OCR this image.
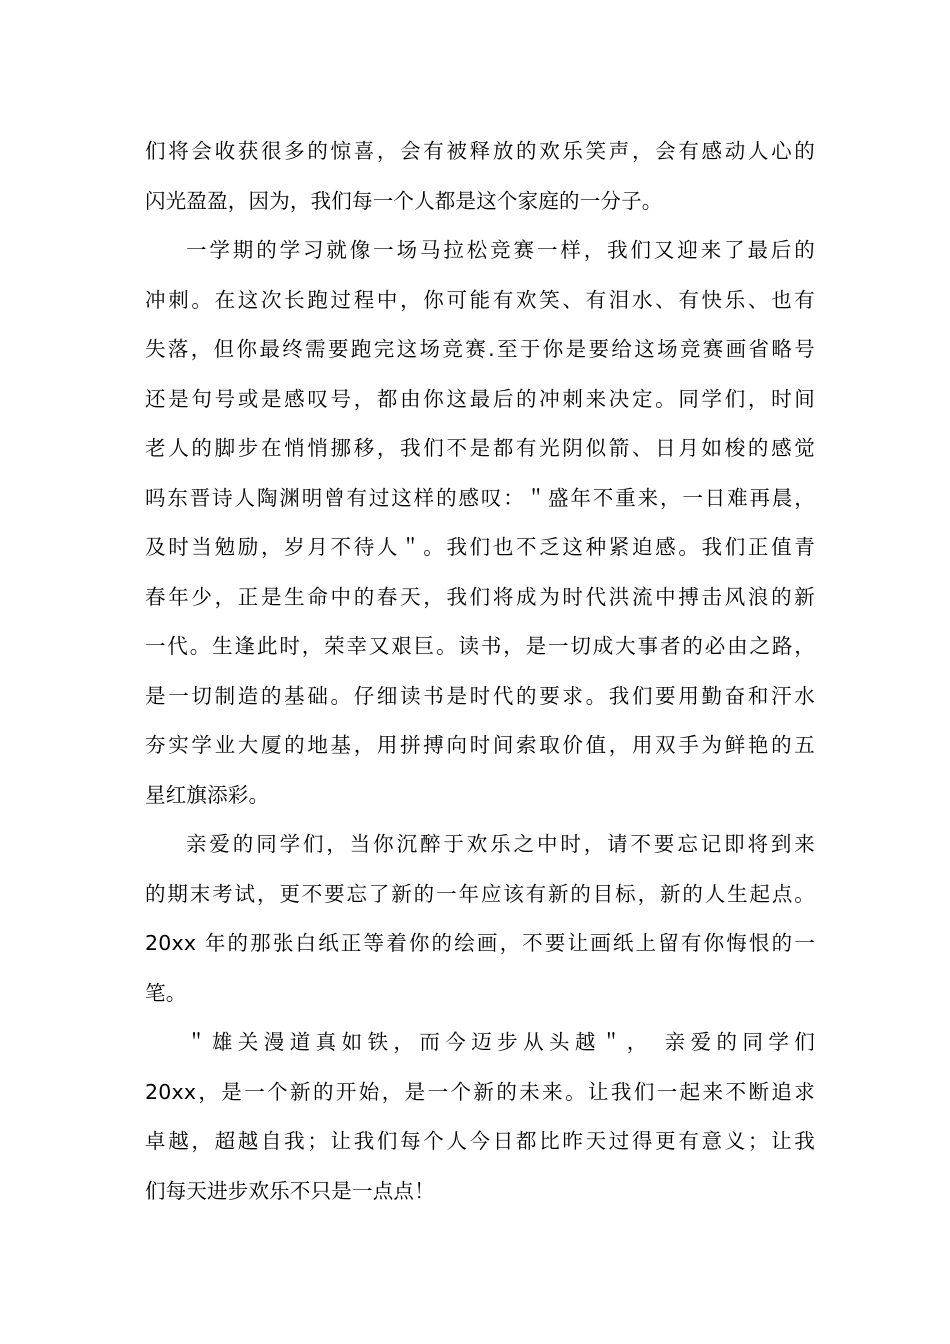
们将会收获很多的惊喜，会有被释放的欢乐笑声，会有感动人心的
闪光盈盈，因为，我们每一个人都是这个家庭的一分子。
一学期的学习就像一场马拉松竞赛一样，我们又迎来了最后的
冲刺。在这次长跑过程中，你可能有欢笑、有泪水、有快乐、也有
失落，但你最终需要跑完这场竞赛.至于你是要给这场竞赛画省略号
还是句号或是感叹号，都由你这最后的冲刺来决定。同学们，时间
老人的脚步在悄悄挪移，我们不是都有光阴似箭、日月如梭的感觉
吗东晋诗人陶渊明曾有过这样的感叹：＂盛年不重来，一日难再晨，
及时当勉励，岁月不待人＂。我们也不乏这种紧迫感。我们正值青
春年少，正是生命中的春天，我们将成为时代洪流中搏击风浪的新
一代。生逢此时，荣幸又艰巨。读书，是一切成大事者的必由之路，
是一切制造的基础。仔细读书是时代的要求。我们要用勤奋和汗水
夯实学业大厦的地基，用拼搏向时间索取价值，用双手为鲜艳的五
星红旗添彩。
亲爱的同学们，当你沉醉于欢乐之中时，请不要忘记即将到来
的期末考试，更不要忘了新的一年应该有新的目标，新的人生起点。
20xx 年的那张白纸正等着你的绘画，不要让画纸上留有你悔恨的一
笔。
＂雄关漫道真如铁，而今迈步从头越＂， 亲爱的同学们
20xx，是一个新的开始，是一个新的未来。让我们一起来不断追求
卓越，超越自我；让我们每个人今日都比昨天过得更有意义；让我
们每天进步欢乐不只是一点点！
